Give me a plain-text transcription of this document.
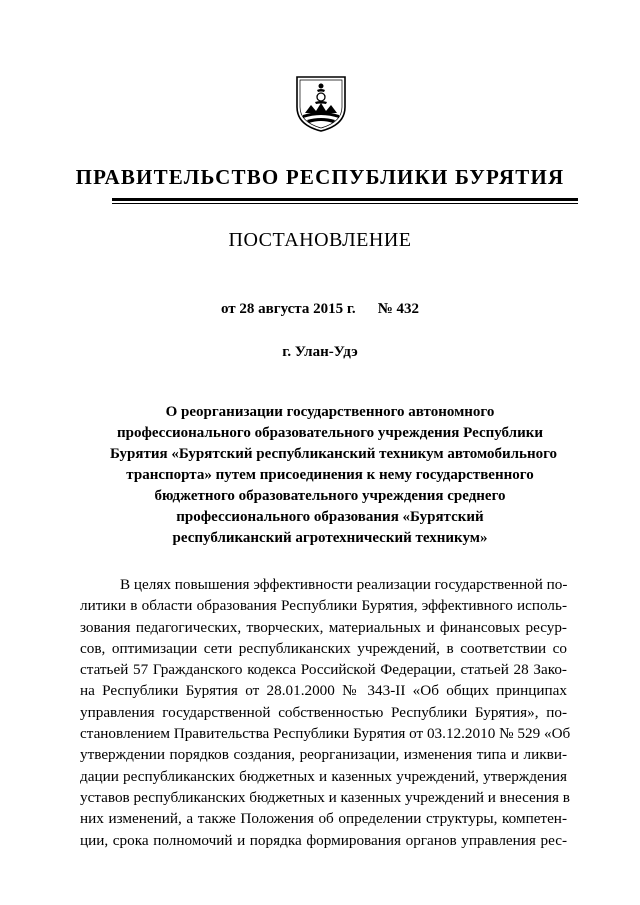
ПРАВИТЕЛЬСТВО РЕСПУБЛИКИ БУРЯТИЯ
ПОСТАНОВЛЕНИЕ
от 28 августа 2015 г. № 432
г. Улан-Удэ
О реорганизации государственного автономного
профессионального образовательного учреждения Республики
Бурятия «Бурятский республиканский техникум автомобильного
транспорта» путем присоединения к нему государственного
бюджетного образовательного учреждения среднего
профессионального образования «Бурятский
республиканский агротехнический техникум»
В целях повышения эффективности реализации государственной по-
литики в области образования Республики Бурятия, эффективного исполь-
зования педагогических, творческих, материальных и финансовых ресур-
сов, оптимизации сети республиканских учреждений, в соответствии со
статьей 57 Гражданского кодекса Российской Федерации, статьей 28 Зако-
на Республики Бурятия от 28.01.2000 № 343-II «Об общих принципах
управления государственной собственностью Республики Бурятия», по-
становлением Правительства Республики Бурятия от 03.12.2010 № 529 «Об
утверждении порядков создания, реорганизации, изменения типа и ликви-
дации республиканских бюджетных и казенных учреждений, утверждения
уставов республиканских бюджетных и казенных учреждений и внесения в
них изменений, а также Положения об определении структуры, компетен-
ции, срока полномочий и порядка формирования органов управления рес-
